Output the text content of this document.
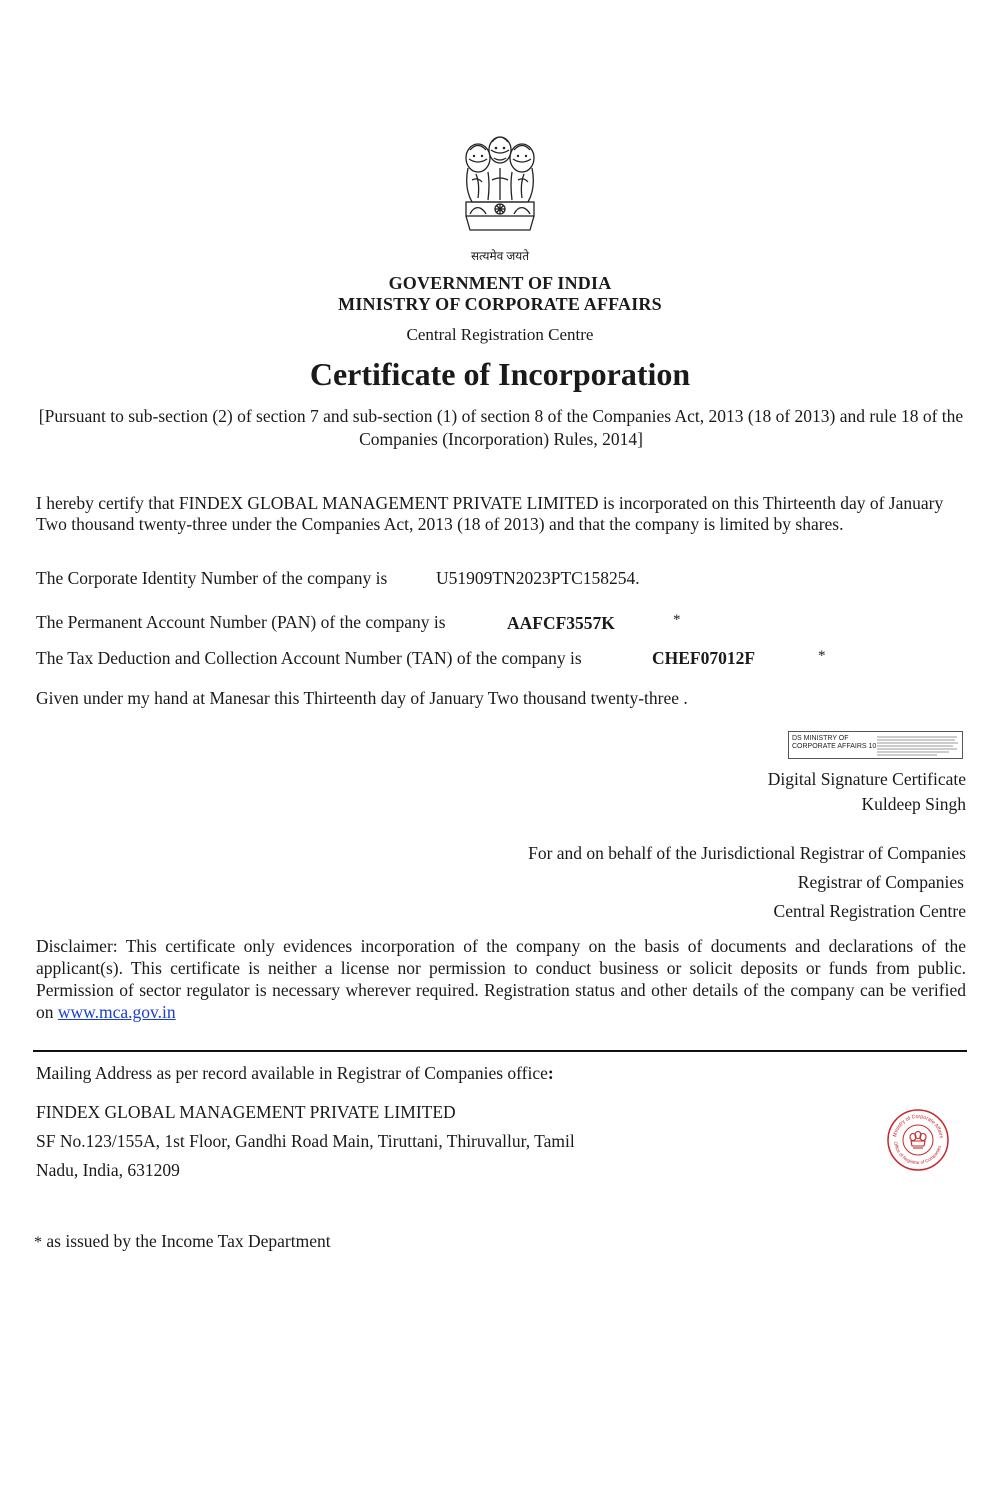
सत्यमेव जयते
GOVERNMENT OF INDIA
MINISTRY OF CORPORATE AFFAIRS
Central Registration Centre
Certificate of Incorporation
[Pursuant to sub-section (2) of section 7 and sub-section (1) of section 8 of the Companies Act, 2013 (18 of 2013) and rule 18 of the Companies (Incorporation) Rules, 2014]
I hereby certify that FINDEX GLOBAL MANAGEMENT PRIVATE LIMITED is incorporated on this Thirteenth day of January Two thousand twenty-three under the Companies Act, 2013 (18 of 2013) and that the company is limited by shares.
The Corporate Identity Number of the company is	U51909TN2023PTC158254.
The Permanent Account Number (PAN) of the company is	AAFCF3557K	*
The Tax Deduction and Collection Account Number (TAN) of the company is	CHEF07012F	*
Given under my hand at Manesar this Thirteenth day of January Two thousand twenty-three .
DS MINISTRY OF
CORPORATE AFFAIRS 10
Digital Signature Certificate
Kuldeep Singh
For and on behalf of the Jurisdictional Registrar of Companies
Registrar of Companies
Central Registration Centre
Disclaimer: This certificate only evidences incorporation of the company on the basis of documents and declarations of the applicant(s). This certificate is neither a license nor permission to conduct business or solicit deposits or funds from public. Permission of sector regulator is necessary wherever required. Registration status and other details of the company can be verified on www.mca.gov.in
Mailing Address as per record available in Registrar of Companies office:
FINDEX GLOBAL MANAGEMENT PRIVATE LIMITED
SF No.123/155A, 1st Floor, Gandhi Road Main, Tiruttani, Thiruvallur, Tamil
Nadu, India, 631209
Ministry of Corporate Affairs
Office of Registrar of Companies
* as issued by the Income Tax Department
